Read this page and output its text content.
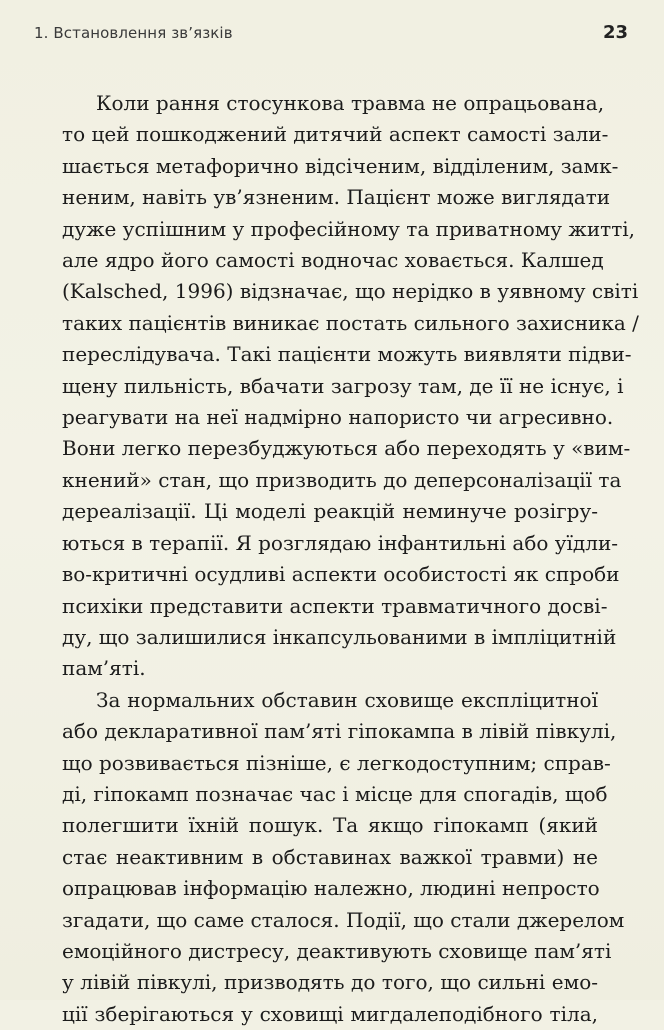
1. Встановлення зв’язків	23

Коли рання стосункова травма не опрацьована,
то цей пошкоджений дитячий аспект самості зали-
шається метафорично відсіченим, відділеним, замк-
неним, навіть ув’язненим. Пацієнт може виглядати
дуже успішним у професійному та приватному житті,
але ядро його самості водночас ховається. Калшед
(Kalsched, 1996) відзначає, що нерідко в уявному світі
таких пацієнтів виникає постать сильного захисника /
переслідувача. Такі пацієнти можуть виявляти підви-
щену пильність, вбачати загрозу там, де її не існує, і
реагувати на неї надмірно напористо чи агресивно.
Вони легко перезбуджуються або переходять у «вим-
кнений» стан, що призводить до деперсоналізації та
дереалізації. Ці моделі реакцій неминуче розігру-
ються в терапії. Я розглядаю інфантильні або уїдли-
во-критичні осудливі аспекти особистості як спроби
психіки представити аспекти травматичного досві-
ду, що залишилися інкапсульованими в імпліцитній
пам’яті.

За нормальних обставин сховище експліцитної
або декларативної пам’яті гіпокампа в лівій півкулі,
що розвивається пізніше, є легкодоступним; справ-
ді, гіпокамп позначає час і місце для спогадів, щоб
полегшити їхній пошук. Та якщо гіпокамп (який
стає неактивним в обставинах важкої травми) не
опрацював інформацію належно, людині непросто
згадати, що саме сталося. Події, що стали джерелом
емоційного дистресу, деактивують сховище пам’яті
у лівій півкулі, призводять до того, що сильні емо-
ції зберігаються у сховищі мигдалеподібного тіла,
